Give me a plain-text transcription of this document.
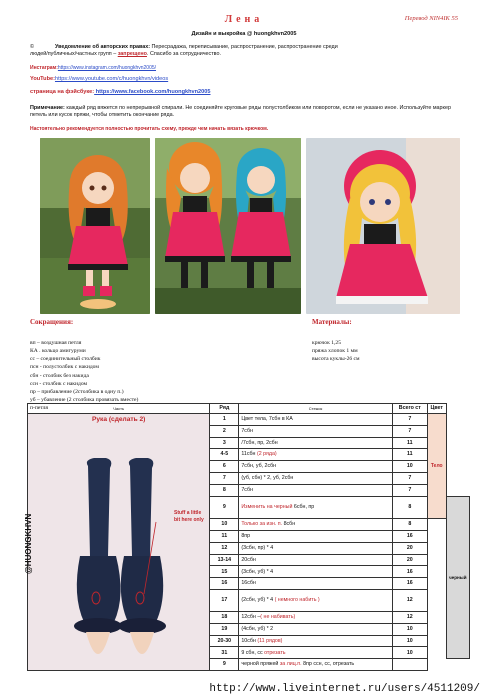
Лена	Перевод NIN4IK 55
Дизайн и выкройка @ huongkhvn2005
©	Уведомление об авторских правах: Пересрадажа, переписывание, распространение, распространение среди
людей/публичных/частных групп – запрещено. Спасибо за сотрудничество.
Инстаграм:https://www.instagram.com/huongkhvn2005/
YouTube:https://www.youtube.com/c/huongkhvn/videos
страница на фэйсбуке: https://www.facebook.com/huongkhvn2005
Примечание: каждый ряд вяжется по непрерывной спирали. Не соединяйте круговые ряды полустолбиком или поворотом, если не указано иное. Используйте маркер петель или кусок пряжи, чтобы отметить окончание ряда.
Настоятельно рекомендуется полностью прочитать схему, прежде чем начать вязать крючком.
Сокращения:
вп – воздушная петля
КА . кольцо амигуруми
сс – соединительный столбик
псн - полустолбик с накидом
сбн - столбик без накида
ссн - столбик с накидом
пр – прибавление (2столбика в одну п.)
уб – убавление (2 столбика провязать вместе)
п-петля
Материалы:
крючок 1,25
пряжа хлопок 1 мм
высота куклы-26 см
Часть	Ряд	Стежок	Всего ст	Цвет	

Рука (сделать 2)
Stuff a little bit here only
@HUONGKHVN	1	Цвет тела, 7сбн в КА	7	Тело	
	2	7сбн	7		
	3	/7сбн, пр, 2сбн	11		
	4-5	11сбн (2 ряда)	11		
	6	7сбн, уб, 2сбн	10		
	7	(уб, сбн) * 2, уб, 2сбн	7		
	8	7сбн	7		
	9	Изменить на черный 6сбн, пр	8		черный
	10	Только за изн. п. 8сбн	8		
	11	8пр	16		
	12	(3сбн, пр) * 4	20		
	13-14	20сбн	20		
	15	(3сбн, уб) * 4	16		
	16	16сбн	16		
	17	(2сбн, уб) * 4 ( немного набить )	12		
	18	12сбн –( не набивать)	12		
	19	(4сбн, уб) * 2	10		
	20-30	10сбн (11 рядов)	10		
	31	9 сбн, сс отрезать	10		
	9	черной пряжей за лиц.п. 8пр ссн, сс, отрезать			
http://www.liveinternet.ru/users/4511209/
